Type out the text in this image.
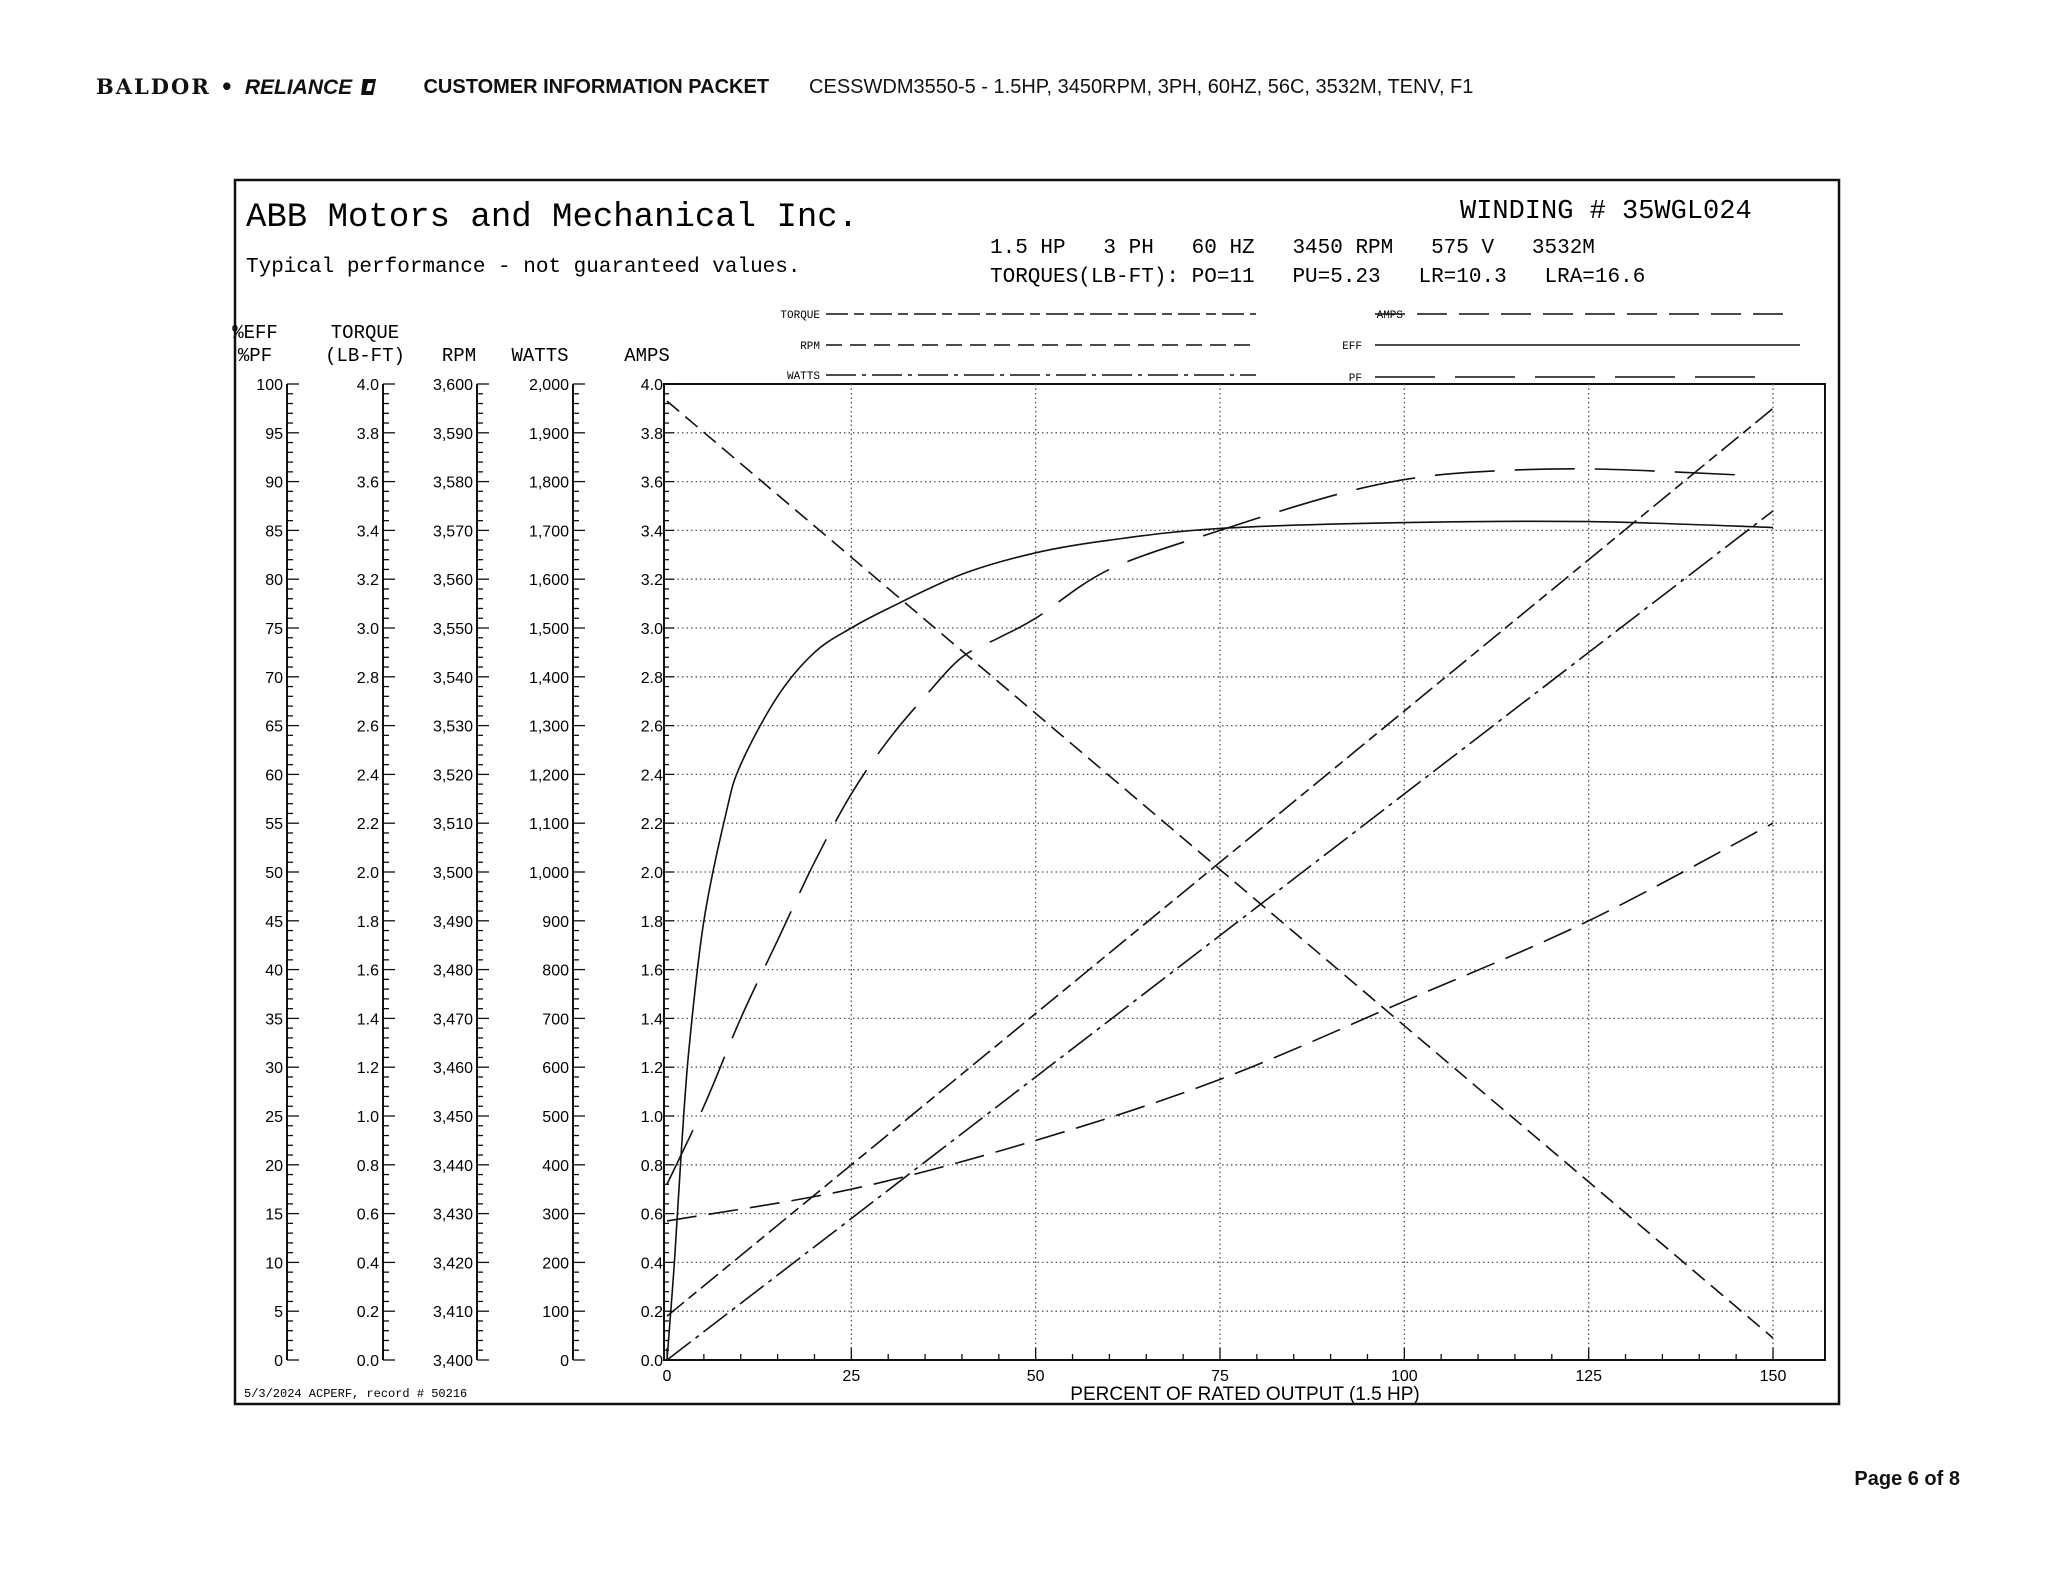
BALDOR • RELIANCE	CUSTOMER INFORMATION PACKET CESSWDM3550-5 - 1.5HP, 3450RPM, 3PH, 60HZ, 56C, 3532M, TENV, F1
ABB Motors and Mechanical Inc.
Typical performance - not guaranteed values.
WINDING # 35WGL024
1.5 HP   3 PH   60 HZ   3450 RPM   575 V   3532M
TORQUES(LB-FT): PO=11   PU=5.23   LR=10.3   LRA=16.6
5/3/2024 ACPERF, record # 50216
0
5
10
15
20
25
30
35
40
45
50
55
60
65
70
75
80
85
90
95
100
%EFF
%PF
0.0
0.2
0.4
0.6
0.8
1.0
1.2
1.4
1.6
1.8
2.0
2.2
2.4
2.6
2.8
3.0
3.2
3.4
3.6
3.8
4.0
TORQUE
(LB-FT)
3,400
3,410
3,420
3,430
3,440
3,450
3,460
3,470
3,480
3,490
3,500
3,510
3,520
3,530
3,540
3,550
3,560
3,570
3,580
3,590
3,600
RPM
0
100
200
300
400
500
600
700
800
900
1,000
1,100
1,200
1,300
1,400
1,500
1,600
1,700
1,800
1,900
2,000
WATTS
0.0
0.2
0.4
0.6
0.8
1.0
1.2
1.4
1.6
1.8
2.0
2.2
2.4
2.6
2.8
3.0
3.2
3.4
3.6
3.8
4.0
AMPS
0	25	50	75	100	125	150
PERCENT OF RATED OUTPUT (1.5 HP)
TORQUE
RPM
WATTS
AMPS
EFF
PF
Page 6 of 8
